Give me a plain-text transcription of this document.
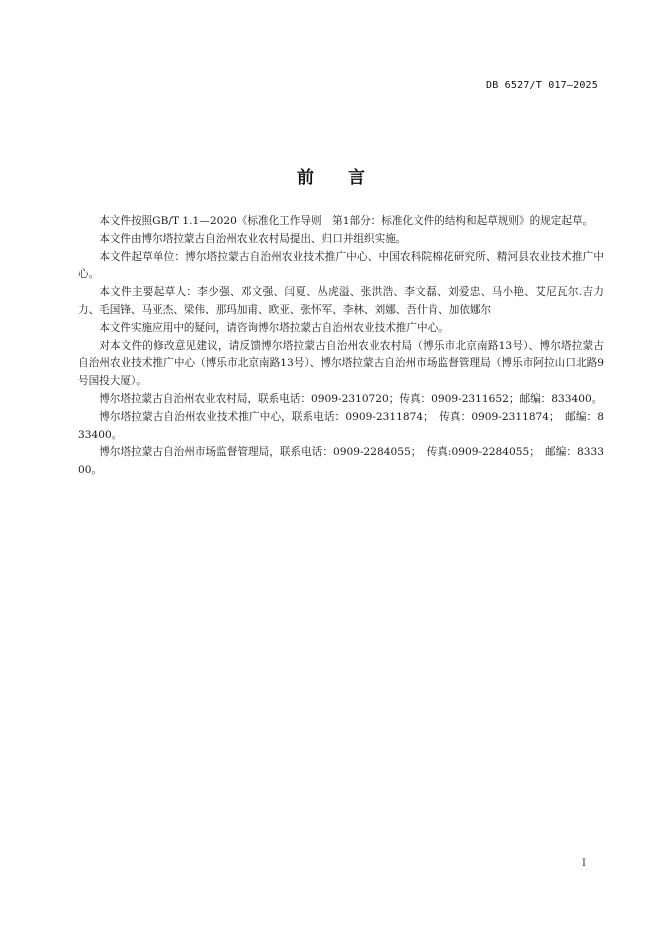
DB 6527/T 017—2025
前言

本文件按照GB/T 1.1—2020《标准化工作导则　第1部分：标准化文件的结构和起草规则》的规定起草。

本文件由博尔塔拉蒙古自治州农业农村局提出、归口并组织实施。

本文件起草单位：博尔塔拉蒙古自治州农业技术推广中心、中国农科院棉花研究所、精河县农业技术推广中心。

本文件主要起草人：李少强、邓文强、闫夏、丛虎溢、张洪浩、李文磊、刘爱忠、马小艳、艾尼瓦尔.吉力力、毛国锋、马亚杰、梁伟、那玛加甫、欧亚、张怀军、李林、刘娜、吾什肯、加依娜尔

本文件实施应用中的疑问，请咨询博尔塔拉蒙古自治州农业技术推广中心。

对本文件的修改意见建议，请反馈博尔塔拉蒙古自治州农业农村局（博乐市北京南路13号）、博尔塔拉蒙古自治州农业技术推广中心（博乐市北京南路13号）、博尔塔拉蒙古自治州市场监督管理局（博乐市阿拉山口北路9号国投大厦）。

博尔塔拉蒙古自治州农业农村局，联系电话：0909-2310720；传真：0909-2311652；邮编：833400。

博尔塔拉蒙古自治州农业技术推广中心，联系电话：0909-2311874；　传真：0909-2311874；　邮编：833400。

博尔塔拉蒙古自治州市场监督管理局，联系电话：0909-2284055；　传真:0909-2284055；　邮编：833300。

I
